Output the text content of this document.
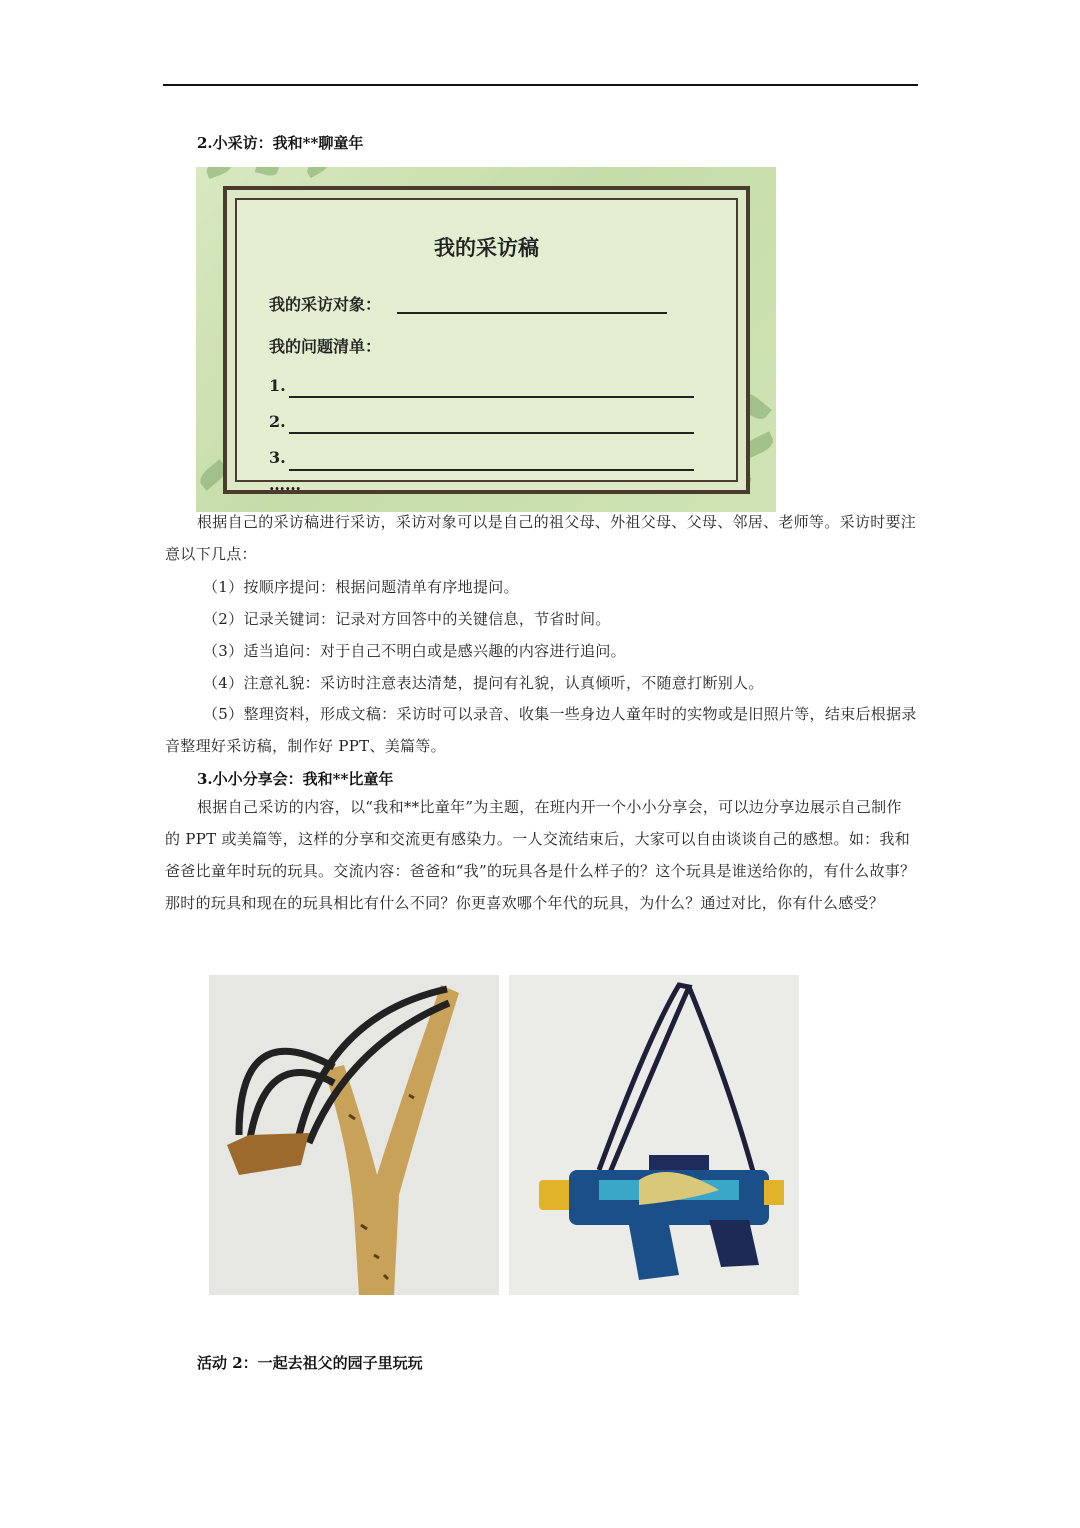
2.小采访：我和**聊童年
我的采访稿
我的采访对象：
我的问题清单：
1.
2.
3.
……
根据自己的采访稿进行采访，采访对象可以是自己的祖父母、外祖父母、父母、邻居、老师等。采访时要注意以下几点：
（1）按顺序提问：根据问题清单有序地提问。
（2）记录关键词：记录对方回答中的关键信息，节省时间。
（3）适当追问：对于自己不明白或是感兴趣的内容进行追问。
（4）注意礼貌：采访时注意表达清楚，提问有礼貌，认真倾听，不随意打断别人。
（5）整理资料，形成文稿：采访时可以录音、收集一些身边人童年时的实物或是旧照片等，结束后根据录音整理好采访稿，制作好 PPT、美篇等。
3.小小分享会：我和**比童年
根据自己采访的内容，以“我和**比童年”为主题，在班内开一个小小分享会，可以边分享边展示自己制作的 PPT 或美篇等，这样的分享和交流更有感染力。一人交流结束后，大家可以自由谈谈自己的感想。如：我和爸爸比童年时玩的玩具。交流内容：爸爸和“我”的玩具各是什么样子的？这个玩具是谁送给你的，有什么故事？那时的玩具和现在的玩具相比有什么不同？你更喜欢哪个年代的玩具，为什么？通过对比，你有什么感受？
活动 2：一起去祖父的园子里玩玩
